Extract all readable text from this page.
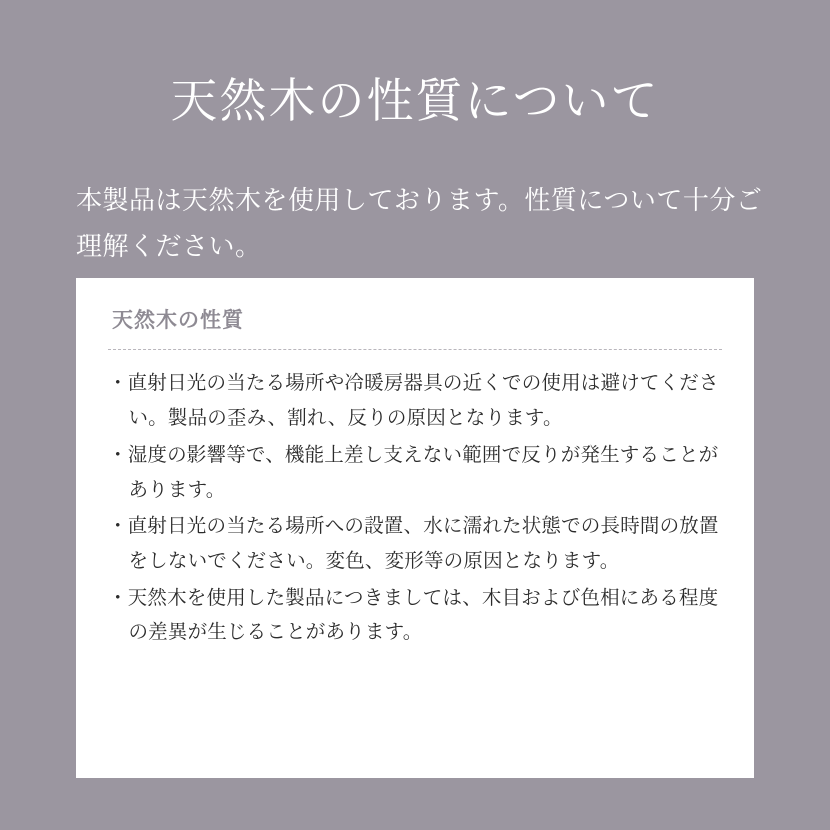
天然木の性質について

本製品は天然木を使用しております。性質について十分ご理解ください。

天然木の性質
・直射日光の当たる場所や冷暖房器具の近くでの使用は避けてください。製品の歪み、割れ、反りの原因となります。
・湿度の影響等で、機能上差し支えない範囲で反りが発生することがあります。
・直射日光の当たる場所への設置、水に濡れた状態での長時間の放置をしないでください。変色、変形等の原因となります。
・天然木を使用した製品につきましては、木目および色相にある程度の差異が生じることがあります。
